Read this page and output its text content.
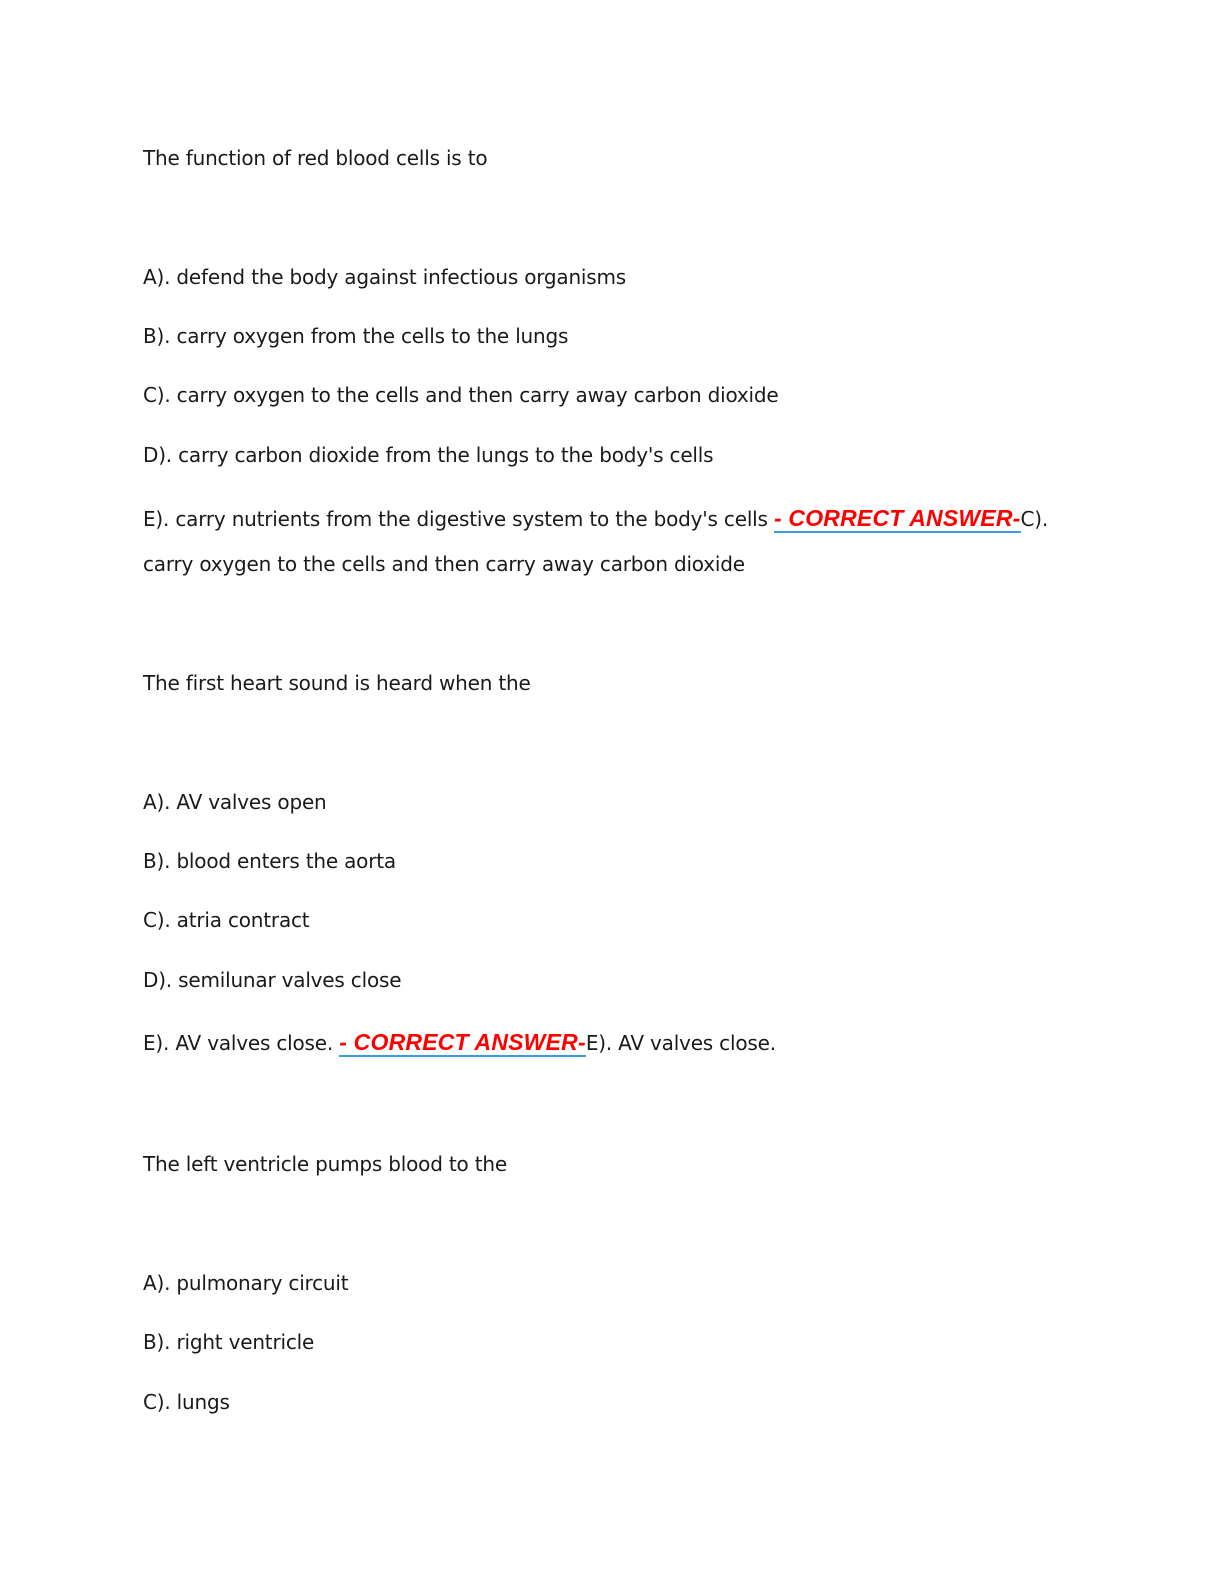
The function of red blood cells is to
A). defend the body against infectious organisms
B). carry oxygen from the cells to the lungs
C). carry oxygen to the cells and then carry away carbon dioxide
D). carry carbon dioxide from the lungs to the body's cells
E). carry nutrients from the digestive system to the body's cells - CORRECT ANSWER-C).
carry oxygen to the cells and then carry away carbon dioxide
The first heart sound is heard when the
A). AV valves open
B). blood enters the aorta
C). atria contract
D). semilunar valves close
E). AV valves close. - CORRECT ANSWER-E). AV valves close.
The left ventricle pumps blood to the
A). pulmonary circuit
B). right ventricle
C). lungs
